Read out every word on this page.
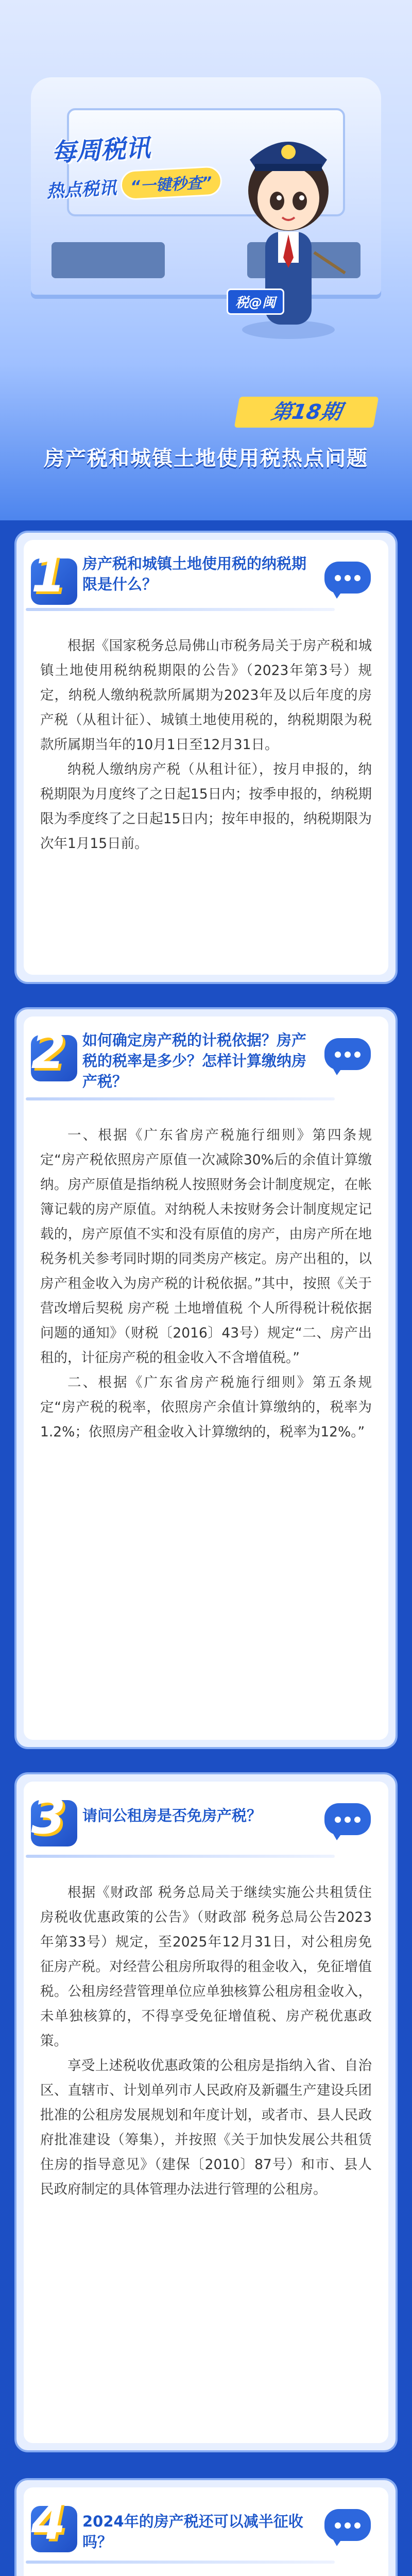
每周税讯
热点税讯 “一键秒查”
税@闽
第18期
房产税和城镇土地使用税热点问题
1	房产税和城镇土地使用税的纳税期限是什么？

根据《国家税务总局佛山市税务局关于房产税和城镇土地使用税纳税期限的公告》（2023年第3号）规定，纳税人缴纳税款所属期为2023年及以后年度的房产税（从租计征）、城镇土地使用税的，纳税期限为税款所属期当年的10月1日至12月31日。

纳税人缴纳房产税（从租计征），按月申报的，纳税期限为月度终了之日起15日内；按季申报的，纳税期限为季度终了之日起15日内；按年申报的，纳税期限为次年1月15日前。

2	如何确定房产税的计税依据？房产税的税率是多少？怎样计算缴纳房产税？

一、根据《广东省房产税施行细则》第四条规定“房产税依照房产原值一次减除30%后的余值计算缴纳。房产原值是指纳税人按照财务会计制度规定，在帐簿记载的房产原值。对纳税人未按财务会计制度规定记载的，房产原值不实和没有原值的房产，由房产所在地税务机关参考同时期的同类房产核定。房产出租的，以房产租金收入为房产税的计税依据。”其中，按照《关于营改增后契税 房产税 土地增值税 个人所得税计税依据问题的通知》（财税〔2016〕43号）规定“二、房产出租的，计征房产税的租金收入不含增值税。”

二、根据《广东省房产税施行细则》第五条规定“房产税的税率，依照房产余值计算缴纳的，税率为1.2%；依照房产租金收入计算缴纳的，税率为12%。”

3	请问公租房是否免房产税？

根据《财政部 税务总局关于继续实施公共租赁住房税收优惠政策的公告》（财政部 税务总局公告2023年第33号）规定，至2025年12月31日，对公租房免征房产税。对经营公租房所取得的租金收入，免征增值税。公租房经营管理单位应单独核算公租房租金收入，未单独核算的，不得享受免征增值税、房产税优惠政策。

享受上述税收优惠政策的公租房是指纳入省、自治区、直辖市、计划单列市人民政府及新疆生产建设兵团批准的公租房发展规划和年度计划，或者市、县人民政府批准建设（筹集），并按照《关于加快发展公共租赁住房的指导意见》（建保〔2010〕87号）和市、县人民政府制定的具体管理办法进行管理的公租房。

4	2024年的房产税还可以减半征收吗？
